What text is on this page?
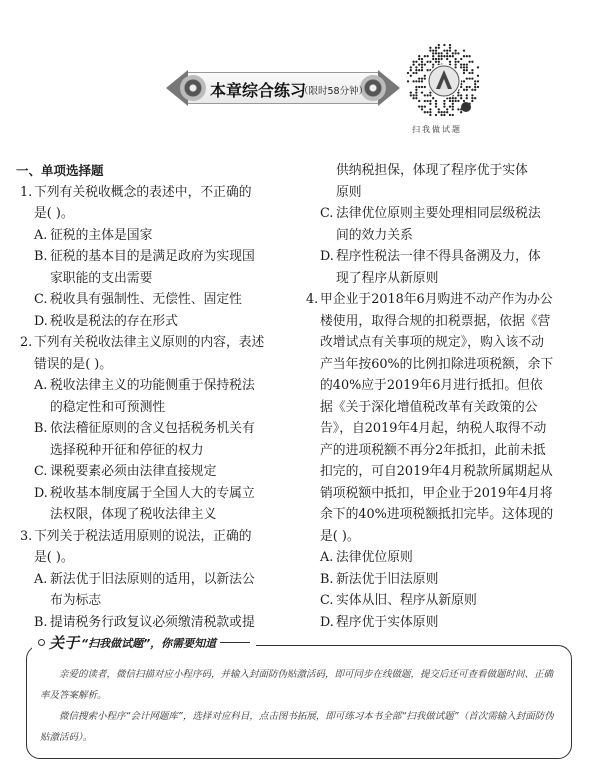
本章综合练习
（限时58分钟）
扫我做试题
一、单项选择题
1. 下列有关税收概念的表述中，不正确的
是( )。
A. 征税的主体是国家
B. 征税的基本目的是满足政府为实现国
家职能的支出需要
C. 税收具有强制性、无偿性、固定性
D. 税收是税法的存在形式
2. 下列有关税收法律主义原则的内容，表述
错误的是( )。
A. 税收法律主义的功能侧重于保持税法
的稳定性和可预测性
B. 依法稽征原则的含义包括税务机关有
选择税种开征和停征的权力
C. 课税要素必须由法律直接规定
D. 税收基本制度属于全国人大的专属立
法权限，体现了税收法律主义
3. 下列关于税法适用原则的说法，正确的
是( )。
A. 新法优于旧法原则的适用，以新法公
布为标志
B. 提请税务行政复议必须缴清税款或提
供纳税担保，体现了程序优于实体
原则
C. 法律优位原则主要处理相同层级税法
间的效力关系
D. 程序性税法一律不得具备溯及力，体
现了程序从新原则
4. 甲企业于2018年6月购进不动产作为办公
楼使用，取得合规的扣税票据，依据《营
改增试点有关事项的规定》，购入该不动
产当年按60%的比例扣除进项税额，余下
的40%应于2019年6月进行抵扣。但依
据《关于深化增值税改革有关政策的公
告》，自2019年4月起，纳税人取得不动
产的进项税额不再分2年抵扣，此前未抵
扣完的，可自2019年4月税款所属期起从
销项税额中抵扣，甲企业于2019年4月将
余下的40%进项税额抵扣完毕。这体现的
是( )。
A. 法律优位原则
B. 新法优于旧法原则
C. 实体从旧、程序从新原则
D. 程序优于实体原则
关于 “扫我做试题”，你需要知道

亲爱的读者，微信扫描对应小程序码，并输入封面防伪贴激活码，即可同步在线做题，提交后还可查看做题时间、正确率及答案解析。

微信搜索小程序“会计网题库”，选择对应科目，点击图书拓展，即可练习本书全部“扫我做试题”（首次需输入封面防伪贴激活码）。
